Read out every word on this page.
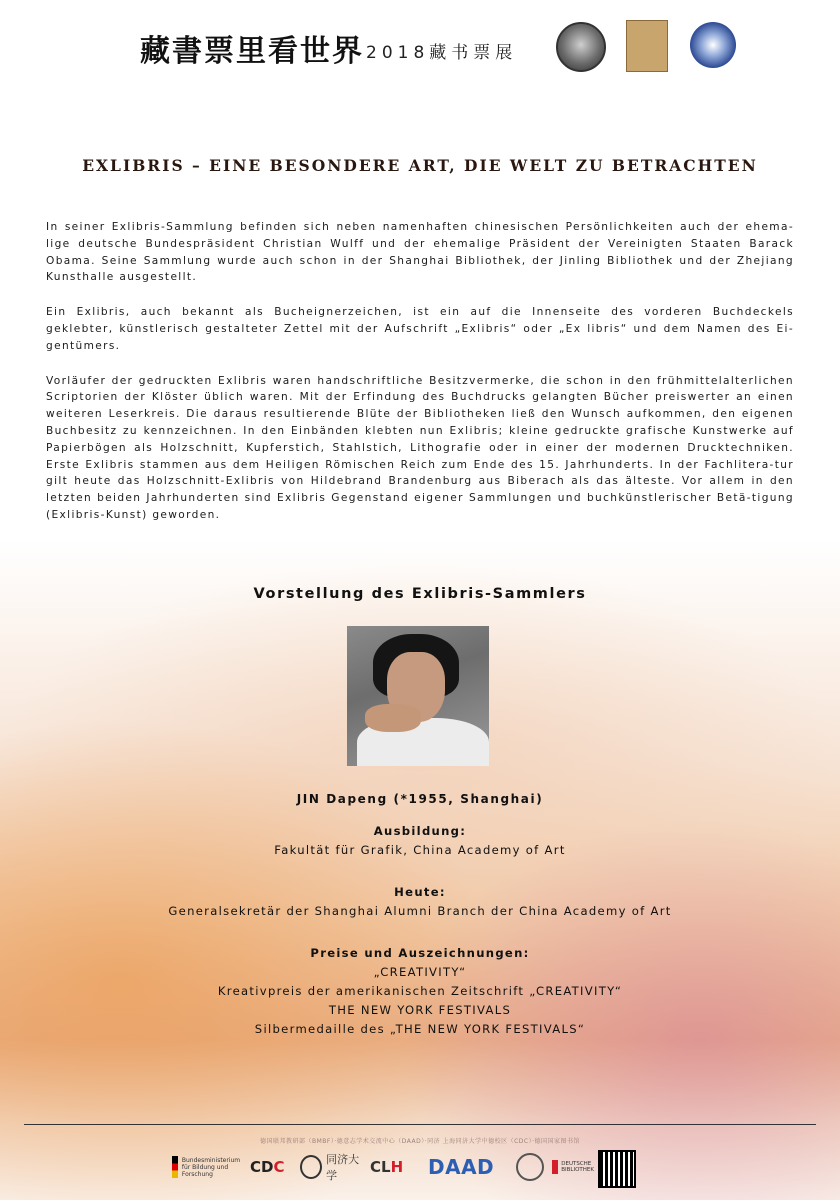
藏書票里看世界 2018藏书票展
EXLIBRIS – EINE BESONDERE ART, DIE WELT ZU BETRACHTEN

In seiner Exlibris-Sammlung befinden sich neben namenhaften chinesischen Persönlichkeiten auch der ehema-lige deutsche Bundespräsident Christian Wulff und der ehemalige Präsident der Vereinigten Staaten Barack Obama. Seine Sammlung wurde auch schon in der Shanghai Bibliothek, der Jinling Bibliothek und der Zhejiang Kunsthalle ausgestellt.

Ein Exlibris, auch bekannt als Bucheignerzeichen, ist ein auf die Innenseite des vorderen Buchdeckels geklebter, künstlerisch gestalteter Zettel mit der Aufschrift „Exlibris“ oder „Ex libris“ und dem Namen des Ei-gentümers.

Vorläufer der gedruckten Exlibris waren handschriftliche Besitzvermerke, die schon in den frühmittelalterlichen Scriptorien der Klöster üblich waren. Mit der Erfindung des Buchdrucks gelangten Bücher preiswerter an einen weiteren Leserkreis. Die daraus resultierende Blüte der Bibliotheken ließ den Wunsch aufkommen, den eigenen Buchbesitz zu kennzeichnen. In den Einbänden klebten nun Exlibris; kleine gedruckte grafische Kunstwerke auf Papierbögen als Holzschnitt, Kupferstich, Stahlstich, Lithografie oder in einer der modernen Drucktechniken. Erste Exlibris stammen aus dem Heiligen Römischen Reich zum Ende des 15. Jahrhunderts. In der Fachlitera-tur gilt heute das Holzschnitt-Exlibris von Hildebrand Brandenburg aus Biberach als das älteste. Vor allem in den letzten beiden Jahrhunderten sind Exlibris Gegenstand eigener Sammlungen und buchkünstlerischer Betä-tigung (Exlibris-Kunst) geworden.

Vorstellung des Exlibris-Sammlers
JIN Dapeng (*1955, Shanghai)
Ausbildung:
Fakultät für Grafik, China Academy of Art
Heute:
Generalsekretär der Shanghai Alumni Branch der China Academy of Art
Preise und Auszeichnungen:
„CREATIVITY“
Kreativpreis der amerikanischen Zeitschrift „CREATIVITY“
THE NEW YORK FESTIVALS
Silbermedaille des „THE NEW YORK FESTIVALS“
德国联邦教研部（BMBF）·德意志学术交流中心（DAAD）·同济 上海同济大学中德校区（CDC）·德国国家图书馆
Bundesministerium für Bildung und Forschung	CD C	同济大学	CL H DAAD	DEUTSCHE BIBLIOTHEK
